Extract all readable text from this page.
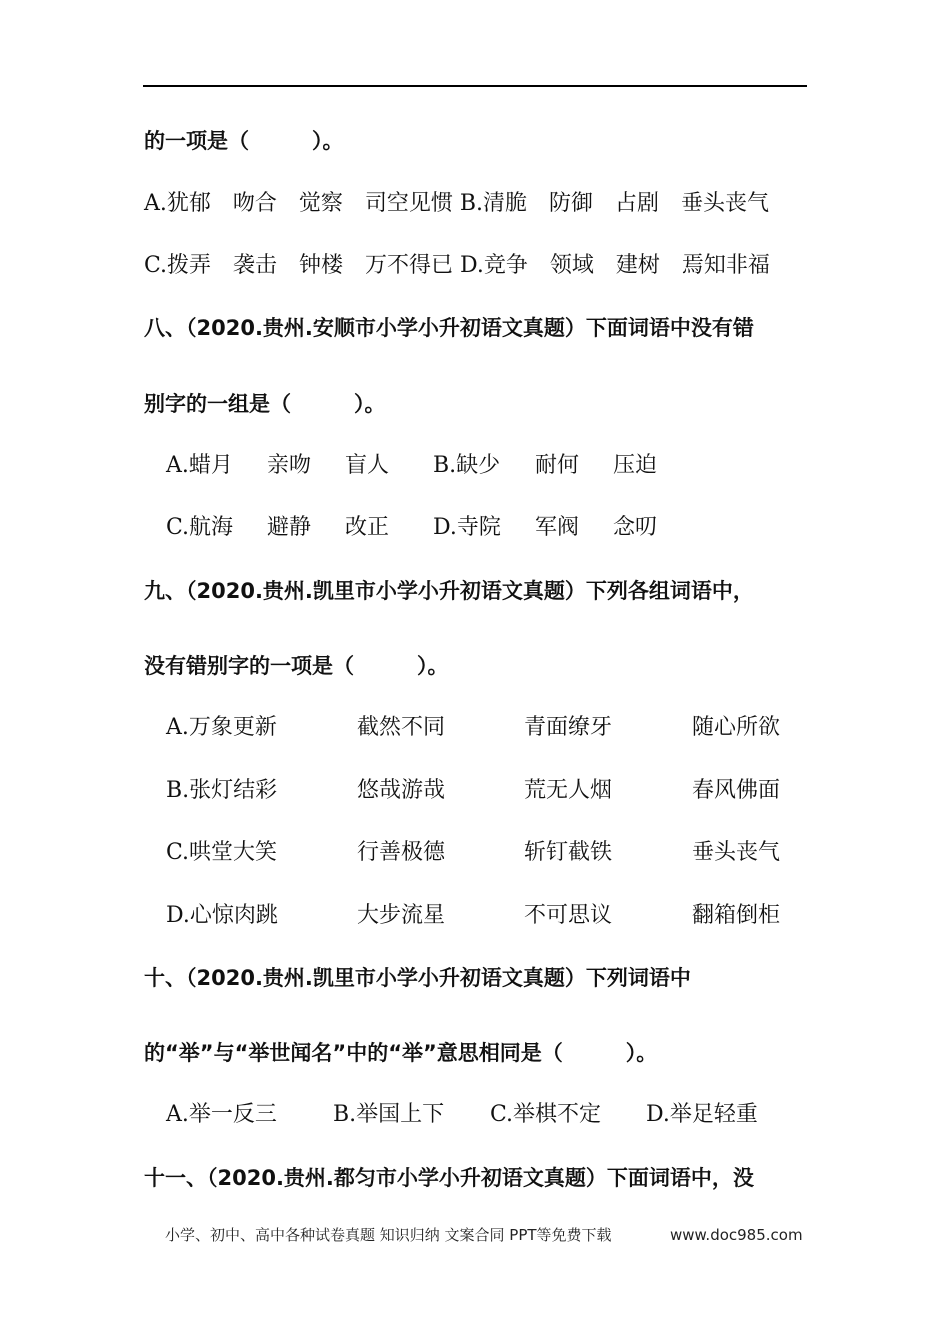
的一项是（　　　）。
A.犹郁　吻合　觉察　司空见惯 B.清脆　防御　占剧　垂头丧气
C.拨弄　袭击　钟楼　万不得已 D.竞争　领域　建树　焉知非福
八、（2020.贵州.安顺市小学小升初语文真题）下面词语中没有错
别字的一组是（　　　）。
A.蜡月 亲吻 盲人 B.缺少 耐何 压迫
C.航海 避静 改正 D.寺院 军阀 念叨
九、（2020.贵州.凯里市小学小升初语文真题）下列各组词语中，
没有错别字的一项是（　　　）。
A.万象更新	截然不同	青面缭牙	随心所欲
B.张灯结彩	悠哉游哉	荒无人烟	春风佛面
C.哄堂大笑	行善极德	斩钉截铁	垂头丧气
D.心惊肉跳	大步流星	不可思议	翻箱倒柜
十、（2020.贵州.凯里市小学小升初语文真题）下列词语中
的“举”与“举世闻名”中的“举”意思相同是（　　　）。
A.举一反三	B.举国上下 C.举棋不定 D.举足轻重
十一、（2020.贵州.都匀市小学小升初语文真题）下面词语中，没
小学、初中、高中各种试卷真题 知识归纳 文案合同 PPT等免费下载	www.doc985.com
